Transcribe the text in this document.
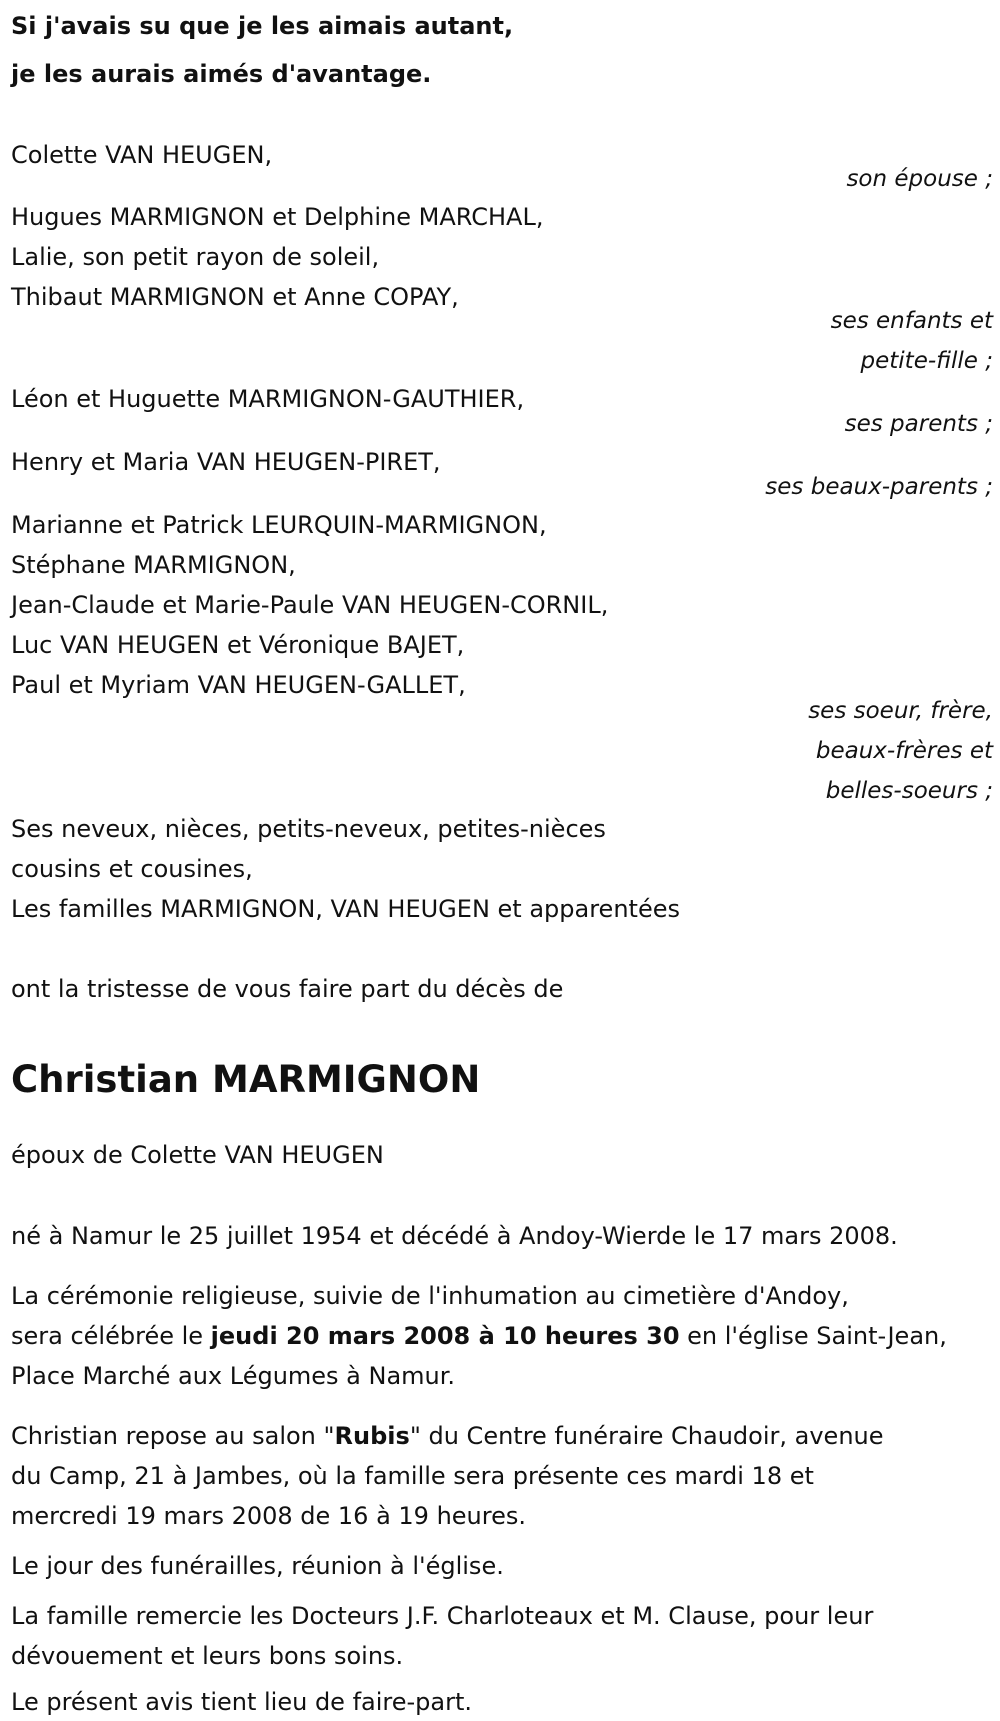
Si j'avais su que je les aimais autant,

je les aurais aimés d'avantage.

Colette VAN HEUGEN,

son épouse ;

Hugues MARMIGNON et Delphine MARCHAL,

Lalie, son petit rayon de soleil,

Thibaut MARMIGNON et Anne COPAY,

ses enfants et

petite-fille ;

Léon et Huguette MARMIGNON-GAUTHIER,

ses parents ;

Henry et Maria VAN HEUGEN-PIRET,

ses beaux-parents ;

Marianne et Patrick LEURQUIN-MARMIGNON,

Stéphane MARMIGNON,

Jean-Claude et Marie-Paule VAN HEUGEN-CORNIL,

Luc VAN HEUGEN et Véronique BAJET,

Paul et Myriam VAN HEUGEN-GALLET,

ses soeur, frère,

beaux-frères et

belles-soeurs ;

Ses neveux, nièces, petits-neveux, petites-nièces

cousins et cousines,

Les familles MARMIGNON, VAN HEUGEN et apparentées

ont la tristesse de vous faire part du décès de

Christian MARMIGNON

époux de Colette VAN HEUGEN

né à Namur le 25 juillet 1954 et décédé à Andoy-Wierde le 17 mars 2008.

La cérémonie religieuse, suivie de l'inhumation au cimetière d'Andoy,

sera célébrée le jeudi 20 mars 2008 à 10 heures 30 en l'église Saint-Jean,

Place Marché aux Légumes à Namur.

Christian repose au salon "Rubis" du Centre funéraire Chaudoir, avenue

du Camp, 21 à Jambes, où la famille sera présente ces mardi 18 et

mercredi 19 mars 2008 de 16 à 19 heures.

Le jour des funérailles, réunion à l'église.

La famille remercie les Docteurs J.F. Charloteaux et M. Clause, pour leur

dévouement et leurs bons soins.

Le présent avis tient lieu de faire-part.
